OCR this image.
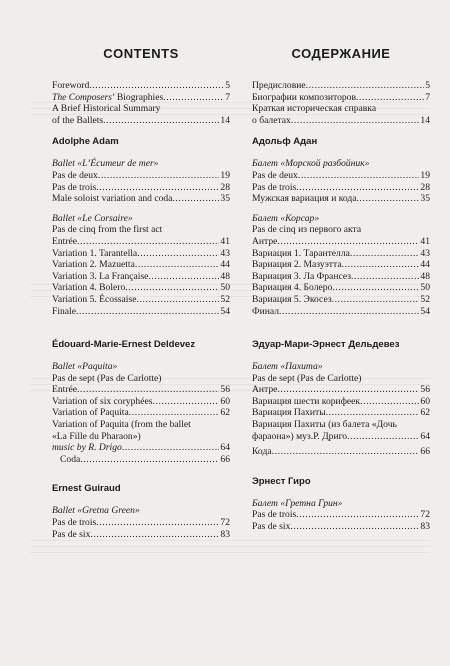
CONTENTS
Foreword .....	5
The Composers’ Biographies .....	7
A Brief Historical Summary
of the Ballets .....	14
Adolphe Adam
Ballet «L’Écumeur de mer»
Pas de deux .....	19
Pas de trois .....	28
Male soloist variation and coda .....	35
Ballet «Le Corsaire»
Pas de cinq from the first act
Entrée .....	41
Variation 1. Tarantella .....	43
Variation 2. Mazuetta .....	44
Variation 3. La Française .....	48
Variation 4. Bolero .....	50
Variation 5. Écossaise .....	52
Finale .....	54
Édouard-Marie-Ernest Deldevez
Ballet «Paquita»
Pas de sept (Pas de Carlotte)
Entrée .....	56
Variation of six coryphées .....	60
Variation of Paquita .....	62
Variation of Paquita (from the ballet
«La Fille du Pharaon»)
music by R. Drigo .....	64
Coda .....	66
Ernest Guiraud
Ballet «Gretna Green»
Pas de trois .....	72
Pas de six .....	83
СОДЕРЖАНИЕ
Предисловие .....	5
Биографии композиторов .....	7
Краткая историческая справка
о балетах .....	14
Адольф Адан
Балет «Морской разбойник»
Pas de deux .....	19
Pas de trois .....	28
Мужская вариация и кода .....	35
Балет «Корсар»
Pas de cinq из первого акта
Антре .....	41
Вариация 1. Тарантелла .....	43
Вариация 2. Мазуэтта .....	44
Вариация 3. Ла Франсез .....	48
Вариация 4. Болеро .....	50
Вариация 5. Экосез .....	52
Финал .....	54
Эдуар-Мари-Эрнест Дельдевез
Балет «Пахита»
Pas de sept (Pas de Carlotte)
Антре .....	56
Вариация шести корифеек .....	60
Вариация Пахиты .....	62
Вариация Пахиты (из балета «Дочь
фараона») муз.Р. Дриго .....	64
Кода .....	66
Эрнест Гиро
Балет «Гретна Грин»
Pas de trois .....	72
Pas de six .....	83
